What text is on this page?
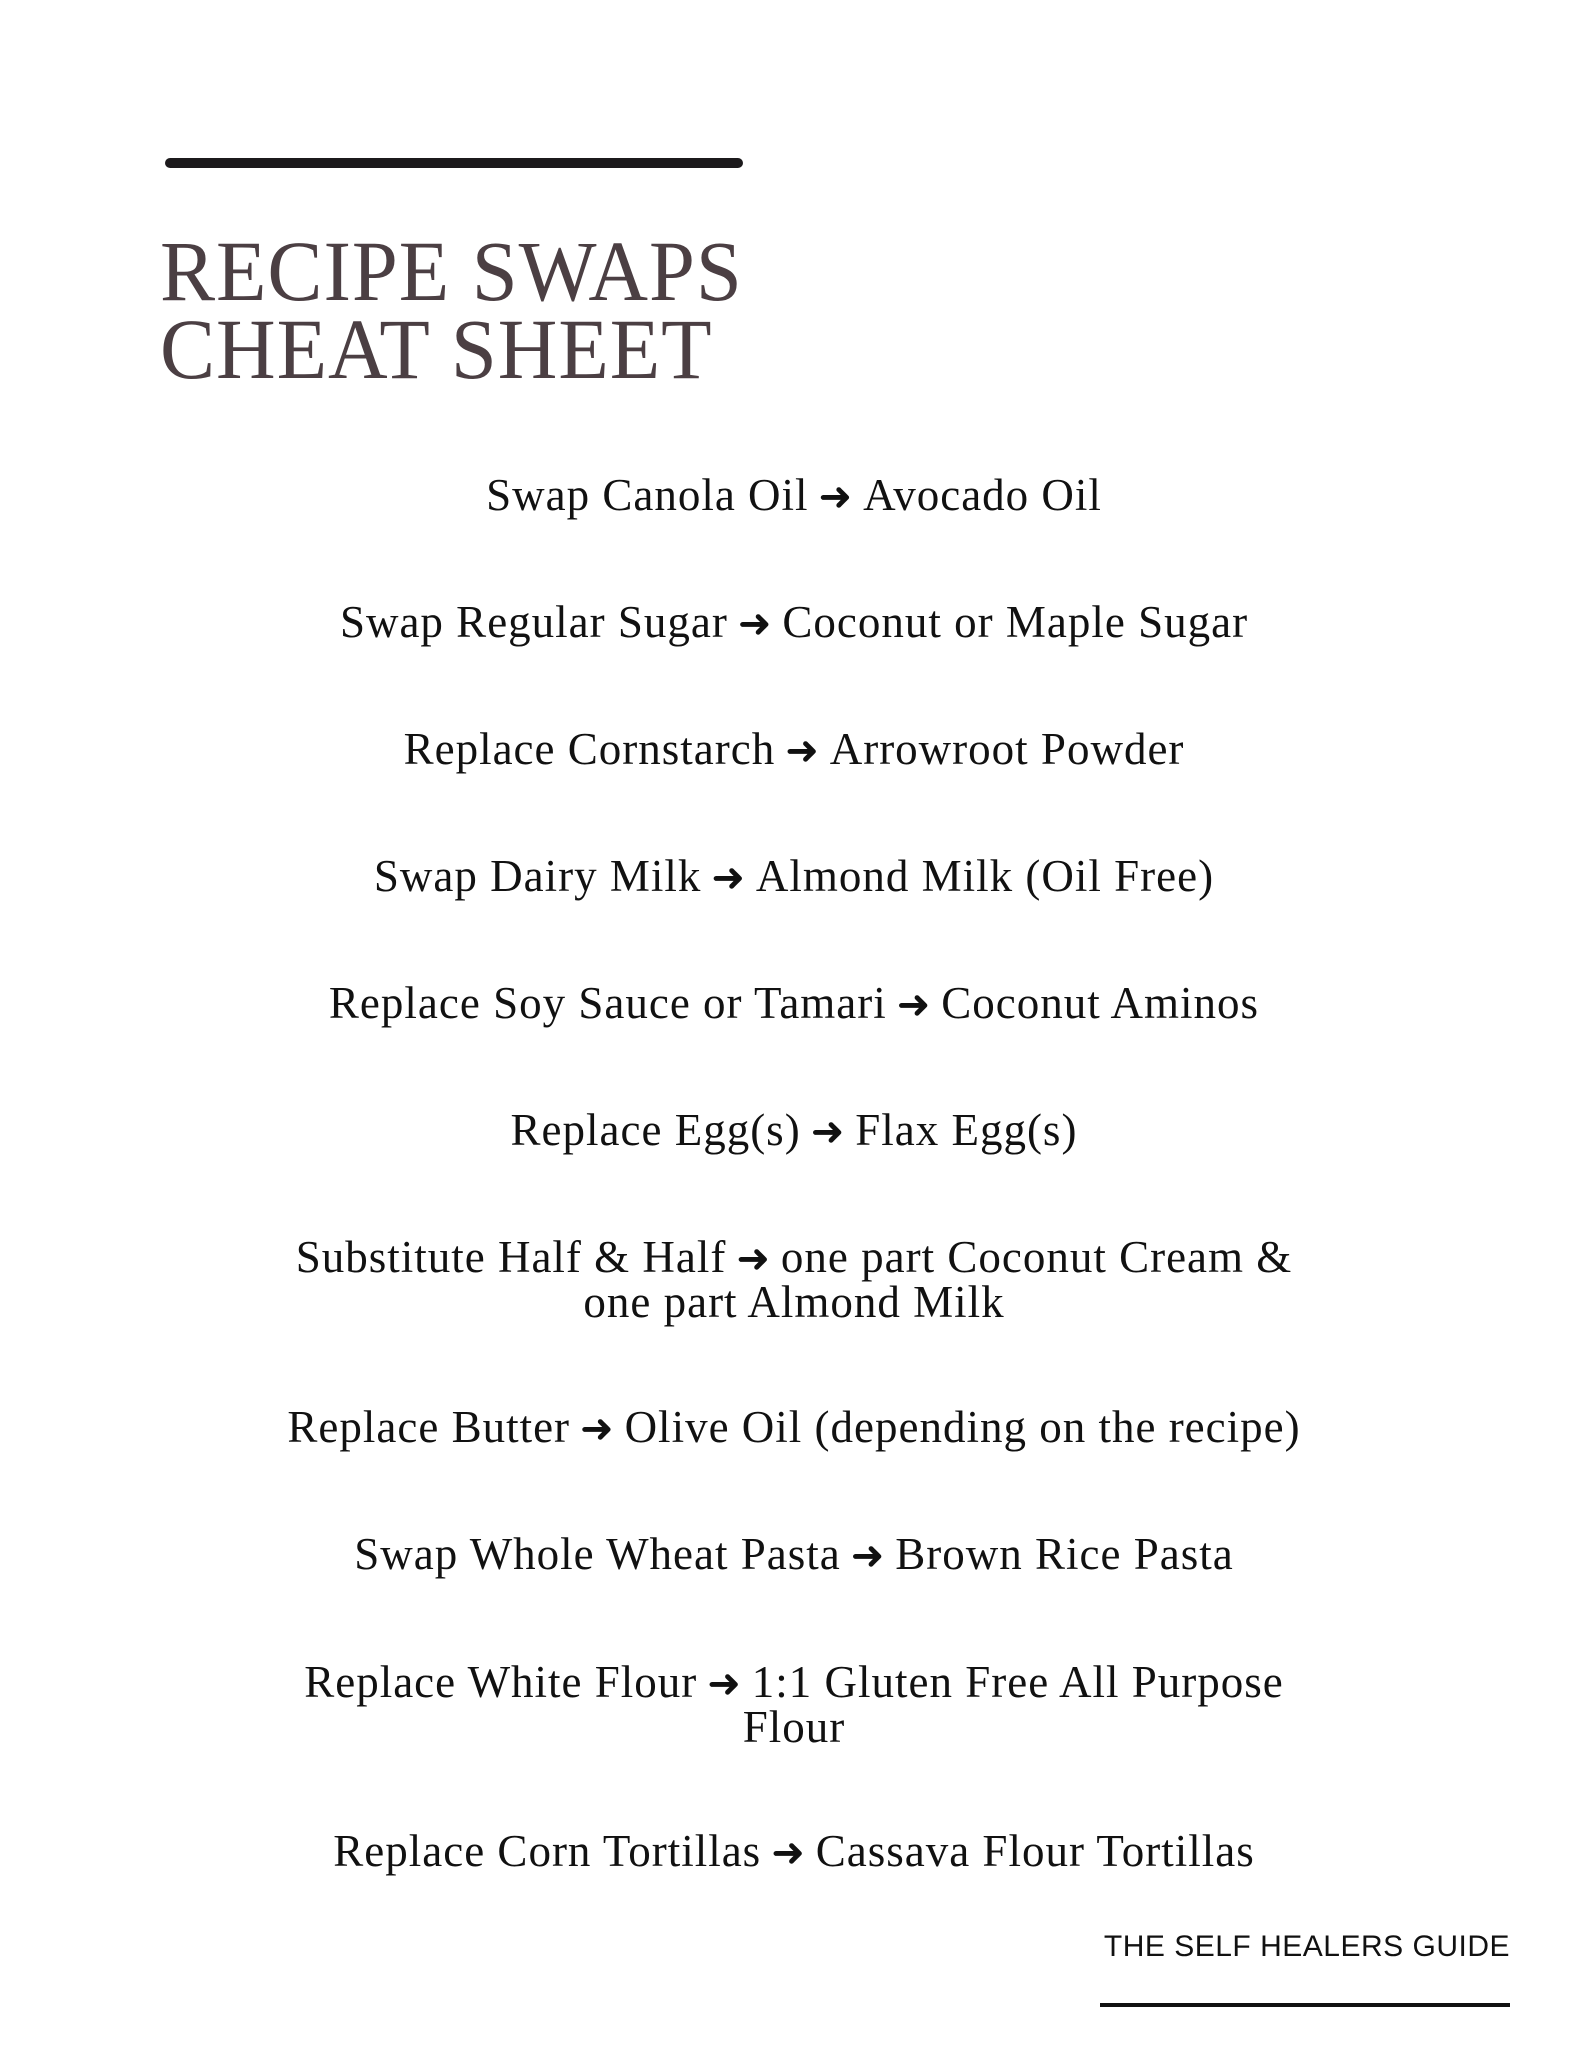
RECIPE SWAPS
CHEAT SHEET
Swap Canola Oil ➜ Avocado Oil
Swap Regular Sugar ➜ Coconut or Maple Sugar
Replace Cornstarch ➜ Arrowroot Powder
Swap Dairy Milk ➜ Almond Milk (Oil Free)
Replace Soy Sauce or Tamari ➜ Coconut Aminos
Replace Egg(s) ➜ Flax Egg(s)
Substitute Half & Half ➜ one part Coconut Cream & one part Almond Milk
Replace Butter ➜ Olive Oil (depending on the recipe)
Swap Whole Wheat Pasta ➜ Brown Rice Pasta
Replace White Flour ➜ 1:1 Gluten Free All Purpose Flour
Replace Corn Tortillas ➜ Cassava Flour Tortillas
THE SELF HEALERS GUIDE
